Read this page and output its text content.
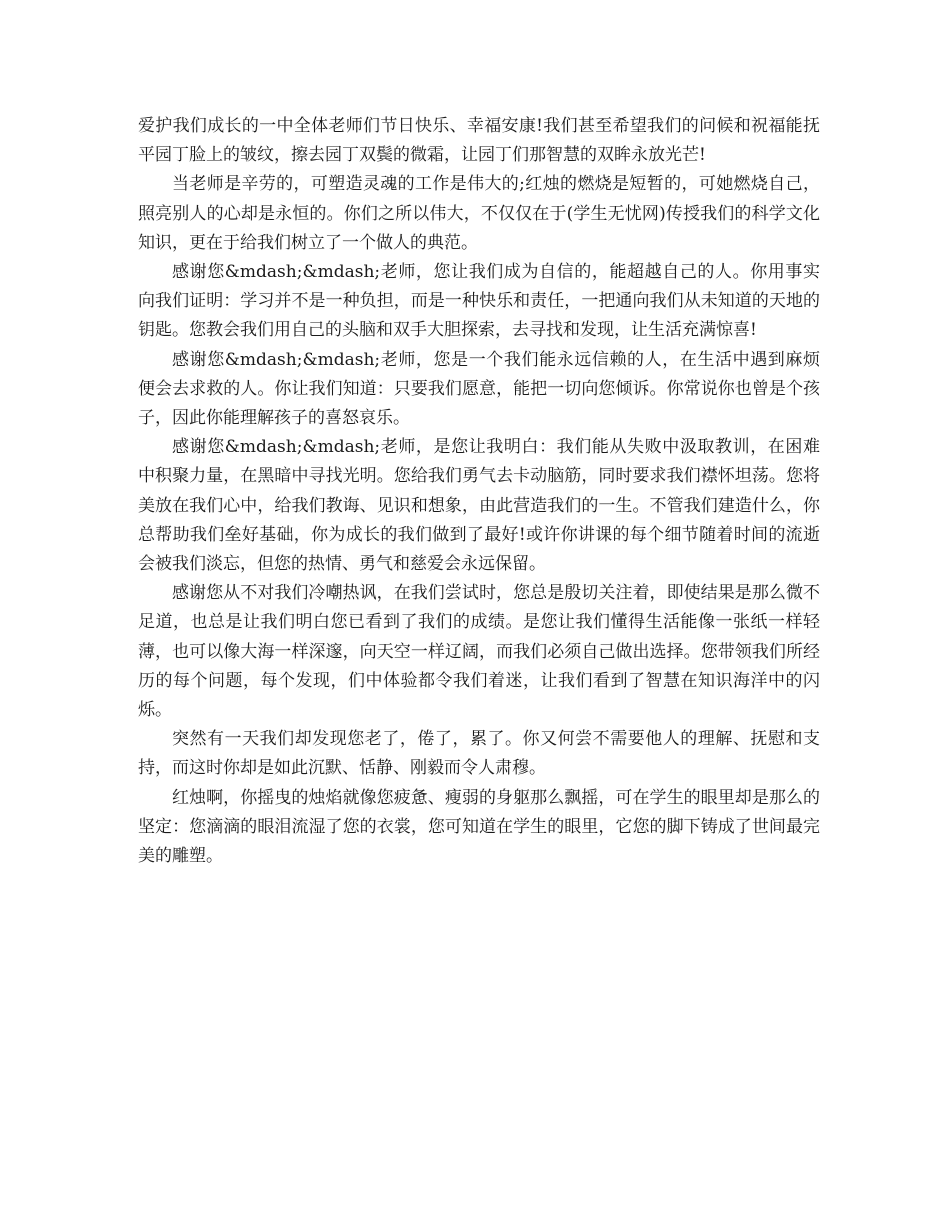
爱护我们成长的一中全体老师们节日快乐、幸福安康!我们甚至希望我们的问候和祝福能抚平园丁脸上的皱纹，擦去园丁双鬓的微霜，让园丁们那智慧的双眸永放光芒!

当老师是辛劳的，可塑造灵魂的工作是伟大的;红烛的燃烧是短暂的，可她燃烧自己，照亮别人的心却是永恒的。你们之所以伟大，不仅仅在于(学生无忧网)传授我们的科学文化知识，更在于给我们树立了一个做人的典范。

感谢您&mdash;&mdash;老师，您让我们成为自信的，能超越自己的人。你用事实向我们证明：学习并不是一种负担，而是一种快乐和责任，一把通向我们从未知道的天地的钥匙。您教会我们用自己的头脑和双手大胆探索，去寻找和发现，让生活充满惊喜!

感谢您&mdash;&mdash;老师，您是一个我们能永远信赖的人，在生活中遇到麻烦便会去求救的人。你让我们知道：只要我们愿意，能把一切向您倾诉。你常说你也曾是个孩子，因此你能理解孩子的喜怒哀乐。

感谢您&mdash;&mdash;老师，是您让我明白：我们能从失败中汲取教训，在困难中积聚力量，在黑暗中寻找光明。您给我们勇气去卡动脑筋，同时要求我们襟怀坦荡。您将美放在我们心中，给我们教诲、见识和想象，由此营造我们的一生。不管我们建造什么，你总帮助我们垒好基础，你为成长的我们做到了最好!或许你讲课的每个细节随着时间的流逝会被我们淡忘，但您的热情、勇气和慈爱会永远保留。

感谢您从不对我们冷嘲热讽，在我们尝试时，您总是殷切关注着，即使结果是那么微不足道，也总是让我们明白您已看到了我们的成绩。是您让我们懂得生活能像一张纸一样轻薄，也可以像大海一样深邃，向天空一样辽阔，而我们必须自己做出选择。您带领我们所经历的每个问题，每个发现，们中体验都令我们着迷，让我们看到了智慧在知识海洋中的闪烁。

突然有一天我们却发现您老了，倦了，累了。你又何尝不需要他人的理解、抚慰和支持，而这时你却是如此沉默、恬静、刚毅而令人肃穆。

红烛啊，你摇曳的烛焰就像您疲惫、瘦弱的身躯那么飘摇，可在学生的眼里却是那么的坚定：您滴滴的眼泪流湿了您的衣裳，您可知道在学生的眼里，它您的脚下铸成了世间最完美的雕塑。
